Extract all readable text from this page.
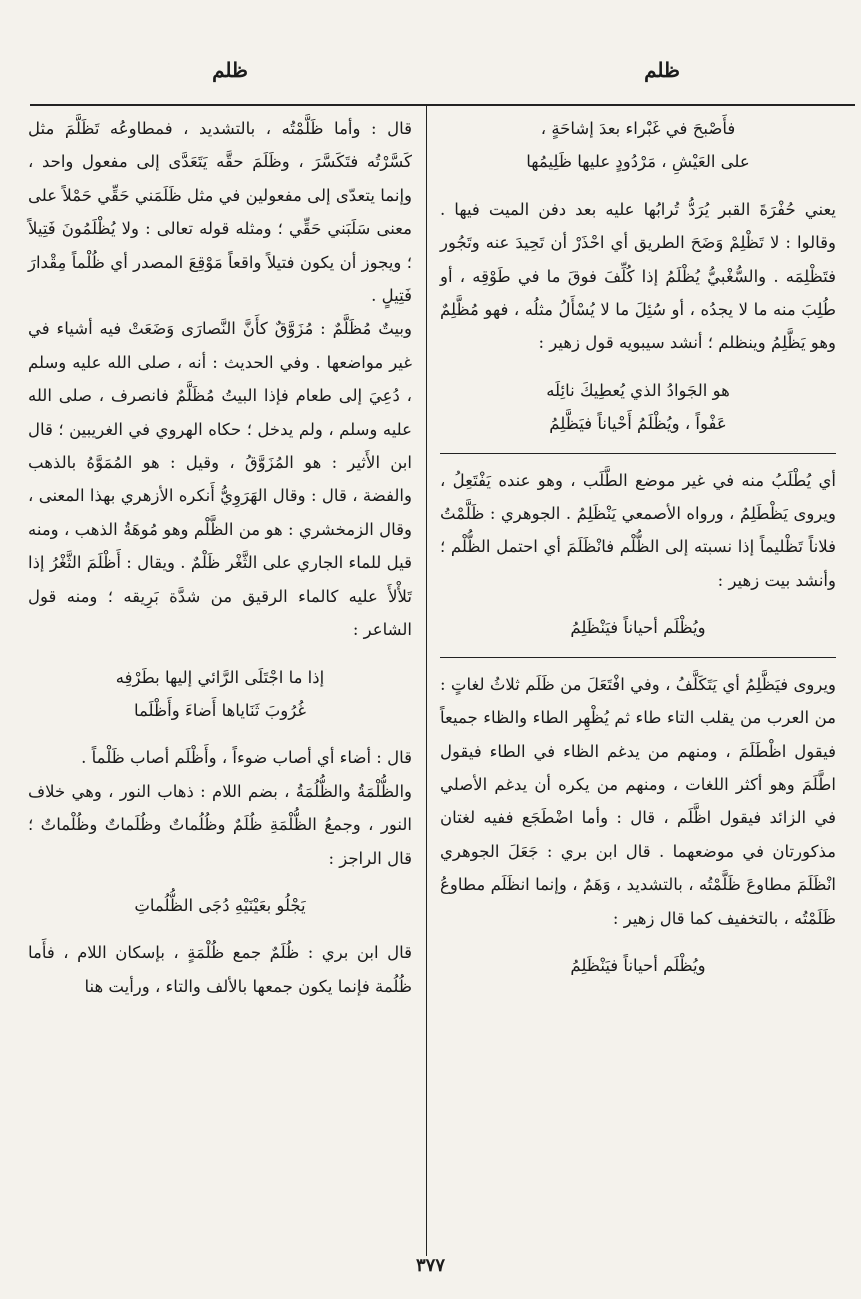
ظلم
ظلم

فأَصْبحَ في غَبْراء بعدَ إشاحَةٍ ،

على العَيْشِ ، مَرْدُودٍ عليها ظَلِيمُها

يعني حُفْرَةَ القبر يُرَدُّ تُرابُها عليه بعد دفن الميت فيها . وقالوا : لا تَظْلِمْ وَضَحَ الطريق أي احْذَرْ أن تَحِيدَ عنه وتَجُور فتَظْلِمَه . والسُّغْبيُّ يُظْلَمُ إذا كُلِّفَ فوقَ ما في طَوْقِه ، أو طُلِبَ منه ما لا يجدُه ، أو سُئِلَ ما لا يُسْأَلُ مثلُه ، فهو مُظَّلِمٌ وهو يَظَّلِمُ وينظلم ؛ أنشد سيبويه قول زهير :

هو الجَوادُ الذي يُعطِيكَ نائِلَه

عَفْواً ، ويُظْلَمُ أَحْياناً فيَظَّلِمُ

أي يُطْلَبُ منه في غير موضع الطَّلَب ، وهو عنده يَفْتَعِلُ ، ويروى يَظْطَلِمُ ، ورواه الأصمعي يَنْظَلِمُ . الجوهري : ظَلَّمْتُ فلاناً تَظْليماً إذا نسبته إلى الظُّلْم فانْظَلَمَ أي احتمل الظُّلْم ؛ وأنشد بيت زهير :

ويُظْلَم أحياناً فيَنْظَلِمُ

ويروى فيَظَّلِمُ أي يَتَكَلَّفُ ، وفي افْتَعَلَ من ظَلَم ثلاثُ لغاتٍ : من العرب من يقلب التاء طاء ثم يُظْهِر الطاء والظاء جميعاً فيقول اظْطَلَمَ ، ومنهم من يدغم الظاء في الطاء فيقول اطَّلَمَ وهو أكثر اللغات ، ومنهم من يكره أن يدغم الأصلي في الزائد فيقول اظَّلَم ، قال : وأما اضْطَجَع ففيه لغتان مذكورتان في موضعهما . قال ابن بري : جَعَلَ الجوهري انْظَلَمَ مطاوعَ ظَلَّمْتُه ، بالتشديد ، وَهَمٌ ، وإنما انظَلَم مطاوعُ ظَلَمْتُه ، بالتخفيف كما قال زهير :

ويُظْلَم أحياناً فيَنْظَلِمُ

قال : وأما ظَلَّمْتُه ، بالتشديد ، فمطاوعُه تَظَلَّمَ مثل كَسَّرْتُه فتَكَسَّرَ ، وظَلَمَ حقَّه يَتَعَدَّى إلى مفعول واحد ، وإنما يتعدّى إلى مفعولين في مثل ظَلَمَني حَقِّي حَمْلاً على معنى سَلَبَني حَقِّي ؛ ومثله قوله تعالى : ولا يُظْلَمُونَ فَتِيلاً ؛ ويجوز أن يكون فتيلاً واقعاً مَوْقِعَ المصدر أي ظُلْماً مِقْدارَ فَتِيلٍ .

وبيتٌ مُظَلَّمٌ : مُزَوَّقٌ كأَنَّ النَّصارَى وَضَعَتْ فيه أشياء في غير مواضعها . وفي الحديث : أنه ، صلى الله عليه وسلم ، دُعِيَ إلى طعام فإذا البيتُ مُظَلَّمٌ فانصرف ، صلى الله عليه وسلم ، ولم يدخل ؛ حكاه الهروي في الغريبين ؛ قال ابن الأَثير : هو المُزَوَّقُ ، وقيل : هو المُمَوَّهُ بالذهب والفضة ، قال : وقال الهَرَوِيُّ أَنكره الأزهري بهذا المعنى ، وقال الزمخشري : هو من الظَّلْم وهو مُوهَةُ الذهب ، ومنه قيل للماء الجاري على الثَّغْر ظَلْمٌ . ويقال : أَظْلَمَ الثَّغْرُ إذا تَلأْلأَ عليه كالماء الرقيق من شدَّة بَرِيقه ؛ ومنه قول الشاعر :

إذا ما اجْتَلَى الرَّائي إليها بطَرْفِه

غُرُوبَ ثَنَاياها أَضاءَ وأَظْلَما

قال : أضاء أي أصاب ضوءاً ، وأَظْلَم أصاب ظَلْماً .

والظُّلْمَةُ والظُّلُمَةُ ، بضم اللام : ذهاب النور ، وهي خلاف النور ، وجمعُ الظُّلْمَةِ ظُلَمٌ وظُلُماتٌ وظُلَماتٌ وظُلْماتٌ ؛ قال الراجز :

يَجْلُو بعَيْنَيْهِ دُجَى الظُّلُماتِ

قال ابن بري : ظُلَمٌ جمع ظُلْمَةٍ ، بإسكان اللام ، فأَما ظُلُمة فإنما يكون جمعها بالألف والتاء ، ورأيت هنا

٣٧٧
